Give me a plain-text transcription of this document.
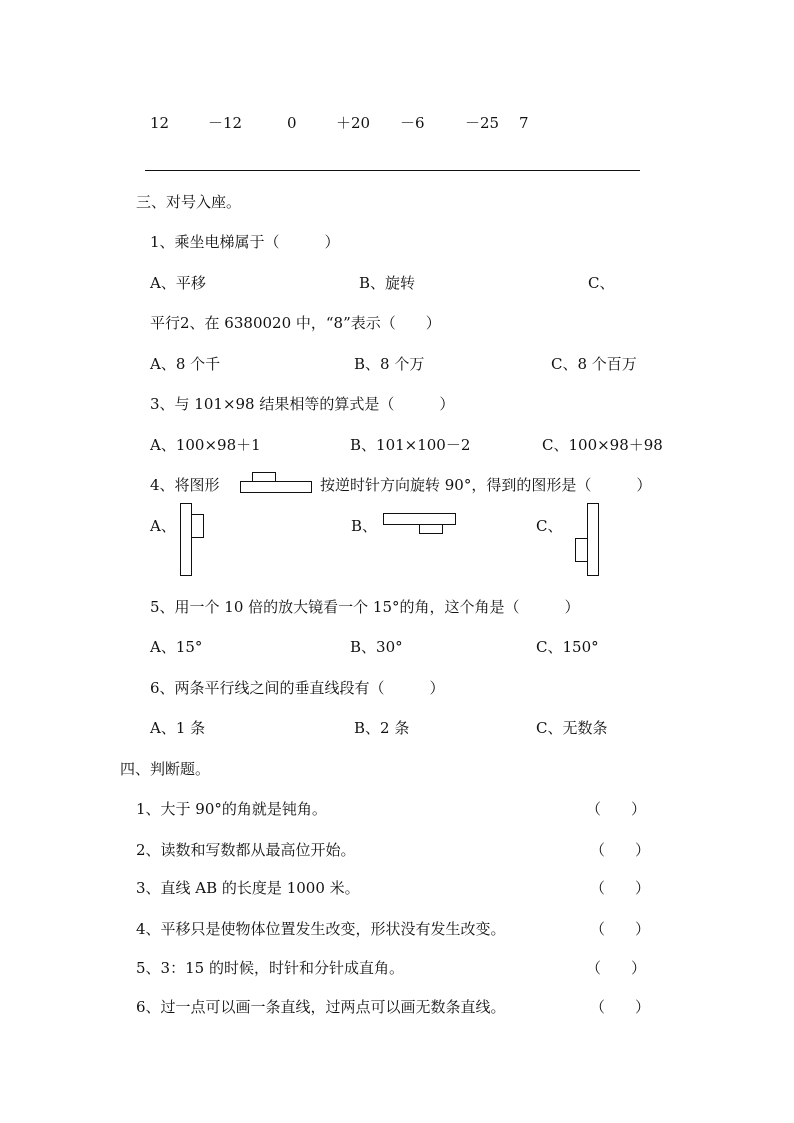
12	－12	0	＋20 －6	－25 7
三、对号入座。
1、乘坐电梯属于（　　　）
A、平移	B、旋转	C、
平行2、在 6380020 中，“8”表示（　　）
A、8 个千	B、8 个万	C、8 个百万
3、与 101×98 结果相等的算式是（　　　）
A、100×98＋1	B、101×100－2	C、100×98＋98
4、将图形	按逆时针方向旋转 90°，得到的图形是（　　　）
A、	B、	C、
5、用一个 10 倍的放大镜看一个 15°的角，这个角是（　　　）
A、15°	B、30°	C、150°
6、两条平行线之间的垂直线段有（　　　）
A、1 条	B、2 条	C、无数条
四、判断题。
1、大于 90°的角就是钝角。	（　　）
2、读数和写数都从最高位开始。	（　　）
3、直线 AB 的长度是 1000 米。	（　　）
4、平移只是使物体位置发生改变，形状没有发生改变。	（　　）
5、3：15 的时候，时针和分针成直角。	（　　）
6、过一点可以画一条直线，过两点可以画无数条直线。	（　　）
